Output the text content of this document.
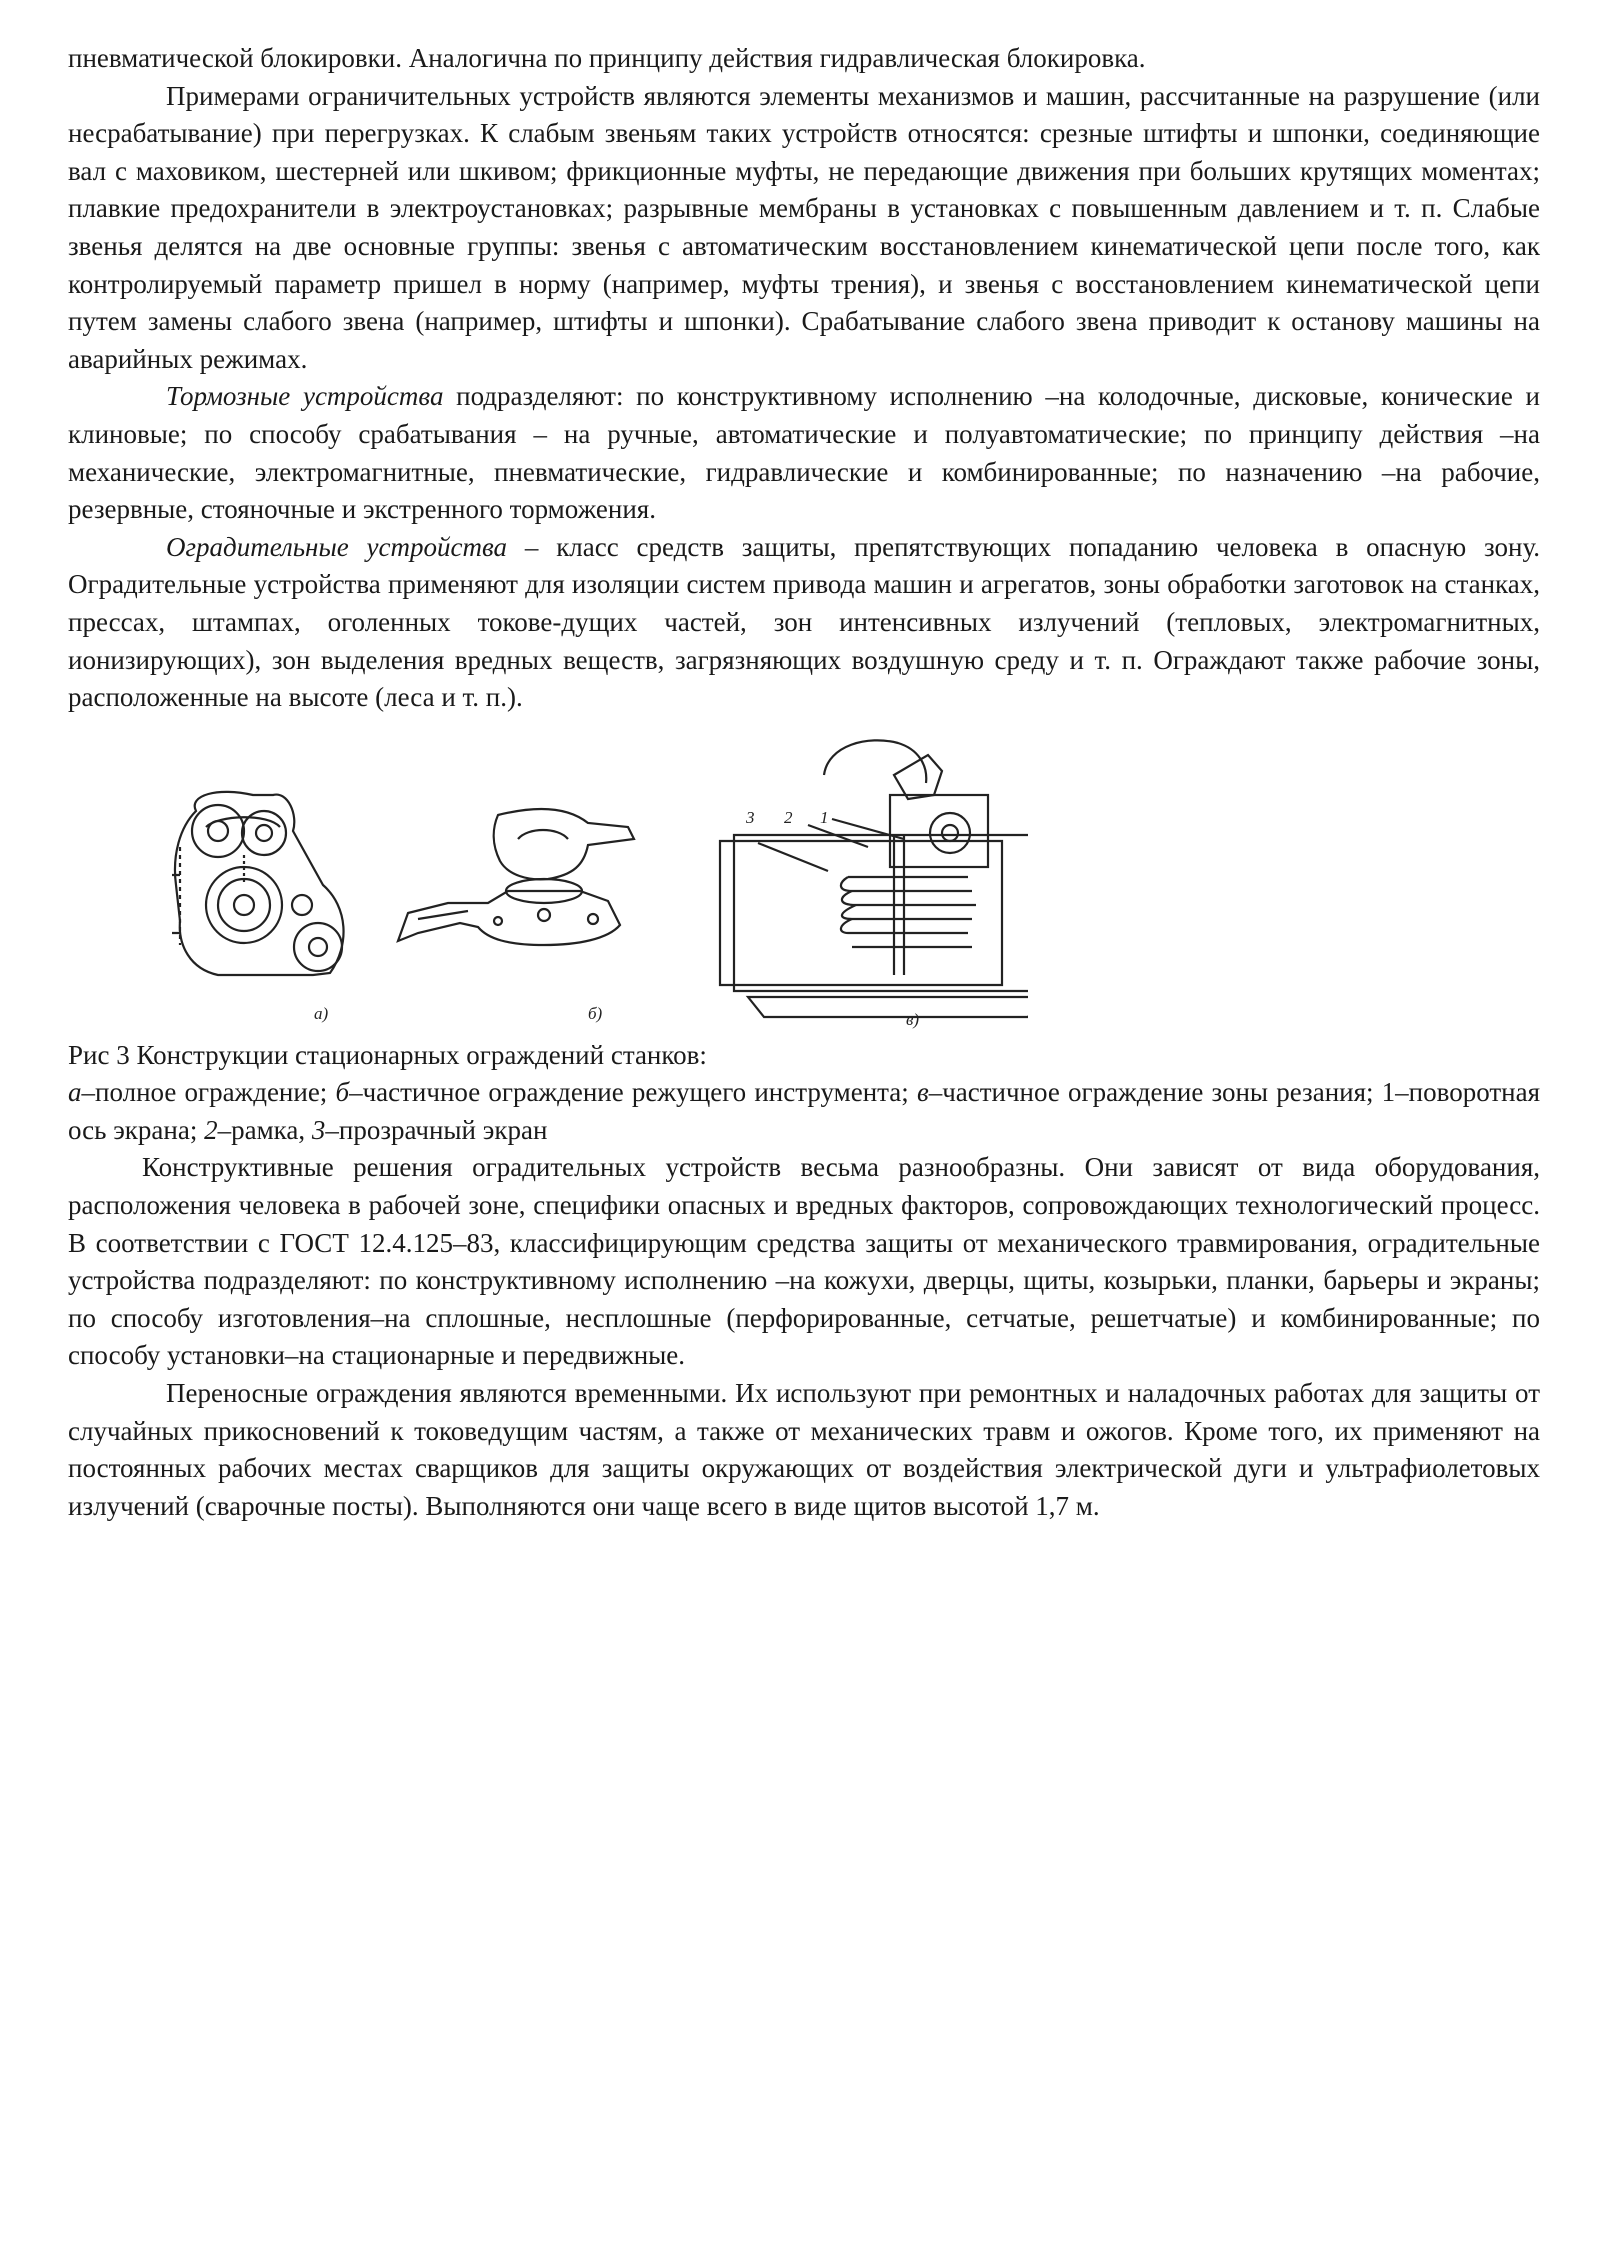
пневматической блокировки. Аналогична по принципу действия гидравлическая блокировка.

Примерами ограничительных устройств являются элементы механизмов и машин, рассчитанные на разрушение (или несрабатывание) при перегрузках. К слабым звеньям таких устройств относятся: срезные штифты и шпонки, соединяющие вал с маховиком, шестерней или шкивом; фрикционные муфты, не передающие движения при больших крутящих моментах; плавкие предохранители в электроустановках; разрывные мембраны в установках с повышенным давлением и т. п. Слабые звенья делятся на две основные группы: звенья с автоматическим восстановлением кинематической цепи после того, как контролируемый параметр пришел в норму (например, муфты трения), и звенья с восстановлением кинематической цепи путем замены слабого звена (например, штифты и шпонки). Срабатывание слабого звена приводит к останову машины на аварийных режимах.

Тормозные устройства подразделяют: по конструктивному исполнению –на колодочные, дисковые, конические и клиновые; по способу срабатывания – на ручные, автоматические и полуавтоматические; по принципу действия –на механические, электромагнитные, пневматические, гидравлические и комбинированные; по назначению –на рабочие, резервные, стояночные и экстренного торможения.

Оградительные устройства – класс средств защиты, препятствующих попаданию человека в опасную зону. Оградительные устройства применяют для изоляции систем привода машин и агрегатов, зоны обработки заготовок на станках, прессах, штампах, оголенных токове-дущих частей, зон интенсивных излучений (тепловых, электромагнитных, ионизирующих), зон выделения вредных веществ, загрязняющих воздушную среду и т. п. Ограждают также рабочие зоны, расположенные на высоте (леса и т. п.).

а)	б)	в)
3 2 1

Рис 3 Конструкции стационарных ограждений станков:

а–полное ограждение; б–частичное ограждение режущего инструмента; в–частичное ограждение зоны резания; 1–поворотная ось экрана; 2–рамка, 3–прозрачный экран

Конструктивные решения оградительных устройств весьма разнообразны. Они зависят от вида оборудования, расположения человека в рабочей зоне, специфики опасных и вредных факторов, сопровождающих технологический процесс. В соответствии с ГОСТ 12.4.125–83, классифицирующим средства защиты от механического травмирования, оградительные устройства подразделяют: по конструктивному исполнению –на кожухи, дверцы, щиты, козырьки, планки, барьеры и экраны; по способу изготовления–на сплошные, несплошные (перфорированные, сетчатые, решетчатые) и комбинированные; по способу установки–на стационарные и передвижные.

Переносные ограждения являются временными. Их используют при ремонтных и наладочных работах для защиты от случайных прикосновений к токоведущим частям, а также от механических травм и ожогов. Кроме того, их применяют на постоянных рабочих местах сварщиков для защиты окружающих от воздействия электрической дуги и ультрафиолетовых излучений (сварочные посты). Выполняются они чаще всего в виде щитов высотой 1,7 м.
